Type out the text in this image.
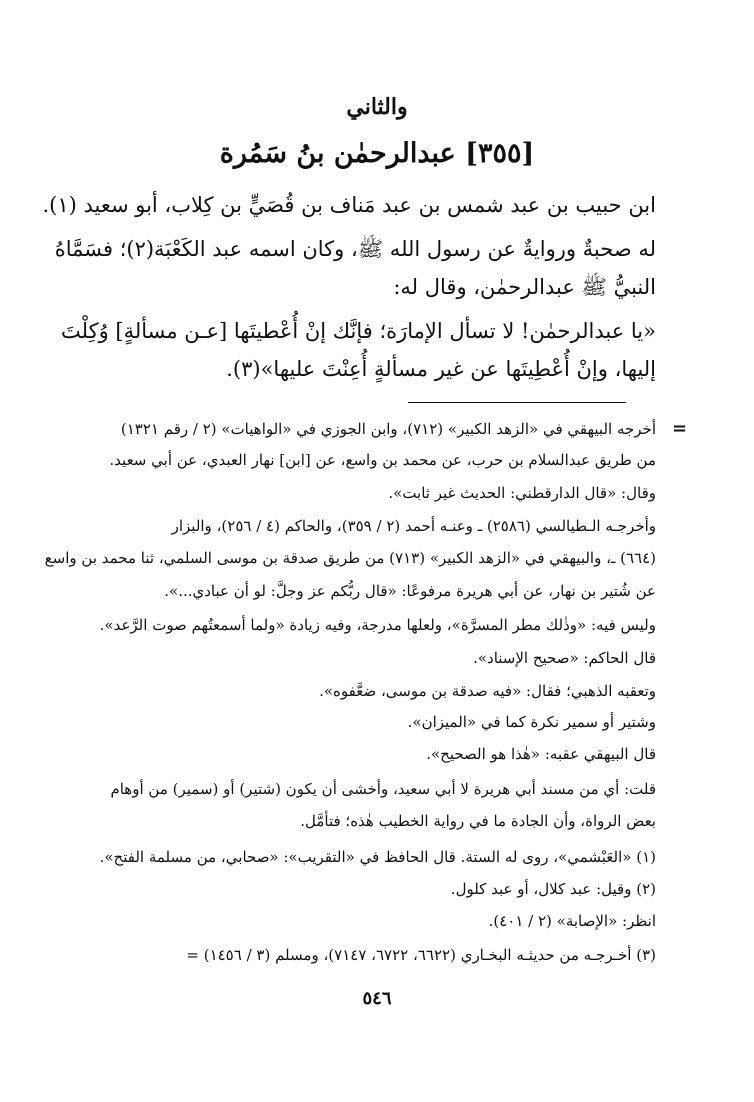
والثاني
[٣٥٥] عبدالرحمٰن بنُ سَمُرة
ابن حبيب بن عبد شمس بن عبد مَناف بن قُصَيٍّ بن كِلاب، أبو سعيد (١).
له صحبةٌ وروايةٌ عن رسول الله ﷺ، وكان اسمه عبد الكَعْبَة(٢)؛ فسَمَّاهُ
النبيُّ ﷺ عبدالرحمٰن، وقال له:
«يا عبدالرحمٰن! لا تسأل الإمارَة؛ فإنَّك إنْ أُعْطيتَها [عـن مسألةٍ] وُكِلْتَ
إليها، وإنْ أُعْطِيتَها عن غير مسألةٍ أُعِنْتَ عليها»(٣).
=
أخرجه البيهقي في «الزهد الكبير» (٧١٢)، وابن الجوزي في «الواهيات» (٢ / رقم ١٣٢١)
من طريق عبدالسلام بن حرب، عن محمد بن واسع، عن [ابن] نهار العبدي، عن أبي سعيد.
وقال: «قال الدارقطني: الحديث غير ثابت».
وأخرجـه الـطيالسي (٢٥٨٦) ـ وعنـه أحمد (٢ / ٣٥٩)، والحاكم (٤ / ٢٥٦)، والبزار
(٦٦٤) ـ، والبيهقي في «الزهد الكبير» (٧١٣) من طريق صدقة بن موسى السلمي، ثنا محمد بن واسع
عن شُتير بن نهار، عن أبي هريرة مرفوعًا: «قال ربُّكم عز وجلَّ: لو أن عبادي...».
وليس فيه: «وذٰلك مطر المسرَّة»، ولعلها مدرجة، وفيه زيادة «ولما أسمعتُهم صوت الرَّعد».
قال الحاكم: «صحيح الإسناد».
وتعقبه الذهبي؛ فقال: «فيه صدقة بن موسى، ضعَّفوه».
وشتير أو سمير نكرة كما في «الميزان».
قال البيهقي عقبه: «هٰذا هو الصحيح».
قلت: أي من مسند أبي هريرة لا أبي سعيد، وأخشى أن يكون (شتير) أو (سمير) من أوهام
بعض الرواة، وأن الجادة ما في رواية الخطيب هٰذه؛ فتأمَّل.
(١) «العَبْشمي»، روى له الستة. قال الحافظ في «التقريب»: «صحابي، من مسلمة الفتح».
(٢) وقيل: عبد كلال، أو عبد كلول.
انظر: «الإصابة» (٢ / ٤٠١).
(٣) أخـرجـه من حديثـه البخـاري (٦٦٢٢، ٦٧٢٢، ٧١٤٧)، ومسلم (٣ / ١٤٥٦) =
٥٤٦
